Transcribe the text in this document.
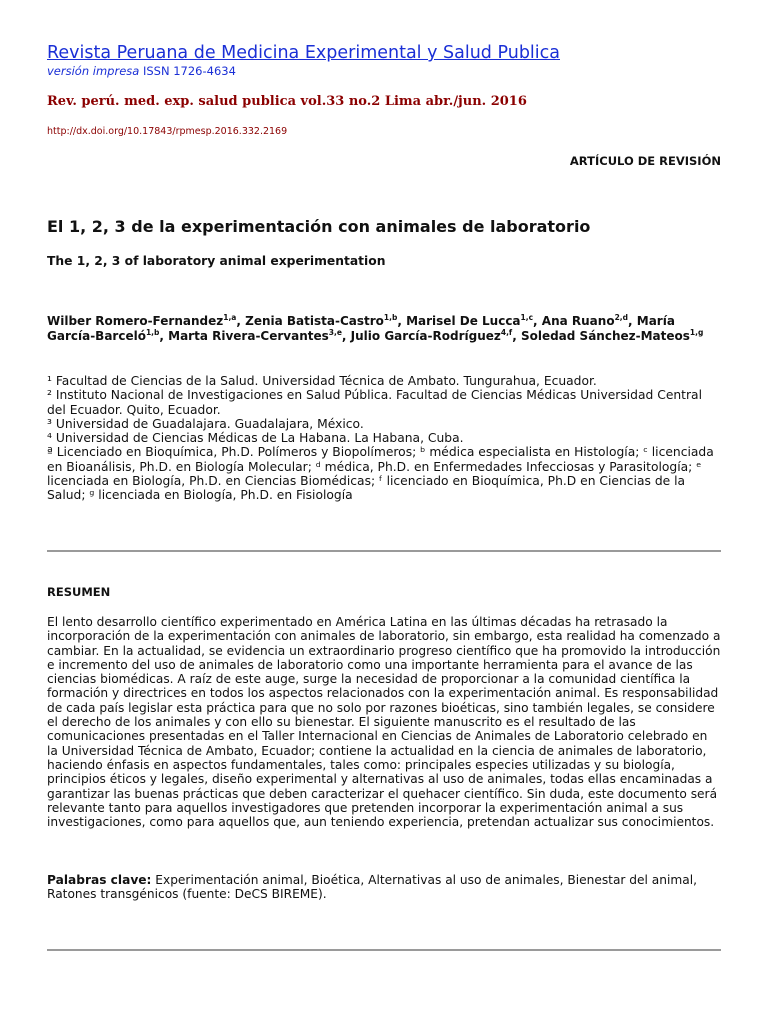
Revista Peruana de Medicina Experimental y Salud Publica
versión impresa ISSN 1726-4634
Rev. perú. med. exp. salud publica vol.33 no.2 Lima abr./jun. 2016
http://dx.doi.org/10.17843/rpmesp.2016.332.2169
ARTÍCULO DE REVISIÓN
El 1, 2, 3 de la experimentación con animales de laboratorio
The 1, 2, 3 of laboratory animal experimentation
Wilber Romero-Fernandez$^{1,a}$, Zenia Batista-Castro$^{1,b}$, Marisel De Lucca$^{1,c}$, Ana Ruano$^{2,d}$, María García-Barceló$^{1,b}$, Marta Rivera-Cervantes$^{3,e}$, Julio García-Rodríguez$^{4,f}$, Soledad Sánchez-Mateos$^{1,g}$
¹ Facultad de Ciencias de la Salud. Universidad Técnica de Ambato. Tungurahua, Ecuador.
² Instituto Nacional de Investigaciones en Salud Pública. Facultad de Ciencias Médicas Universidad Central del Ecuador. Quito, Ecuador.
³ Universidad de Guadalajara. Guadalajara, México.
⁴ Universidad de Ciencias Médicas de La Habana. La Habana, Cuba.
ª Licenciado en Bioquímica, Ph.D. Polímeros y Biopolímeros; ᵇ médica especialista en Histología; ᶜ licenciada en Bioanálisis, Ph.D. en Biología Molecular; ᵈ médica, Ph.D. en Enfermedades Infecciosas y Parasitología; ᵉ licenciada en Biología, Ph.D. en Ciencias Biomédicas; ᶠ licenciado en Bioquímica, Ph.D en Ciencias de la Salud; ᵍ licenciada en Biología, Ph.D. en Fisiología
RESUMEN
El lento desarrollo científico experimentado en América Latina en las últimas décadas ha retrasado la incorporación de la experimentación con animales de laboratorio, sin embargo, esta realidad ha comenzado a cambiar. En la actualidad, se evidencia un extraordinario progreso científico que ha promovido la introducción e incremento del uso de animales de laboratorio como una importante herramienta para el avance de las ciencias biomédicas. A raíz de este auge, surge la necesidad de proporcionar a la comunidad científica la formación y directrices en todos los aspectos relacionados con la experimentación animal. Es responsabilidad de cada país legislar esta práctica para que no solo por razones bioéticas, sino también legales, se considere el derecho de los animales y con ello su bienestar. El siguiente manuscrito es el resultado de las comunicaciones presentadas en el Taller Internacional en Ciencias de Animales de Laboratorio celebrado en la Universidad Técnica de Ambato, Ecuador; contiene la actualidad en la ciencia de animales de laboratorio, haciendo énfasis en aspectos fundamentales, tales como: principales especies utilizadas y su biología, principios éticos y legales, diseño experimental y alternativas al uso de animales, todas ellas encaminadas a garantizar las buenas prácticas que deben caracterizar el quehacer científico. Sin duda, este documento será relevante tanto para aquellos investigadores que pretenden incorporar la experimentación animal a sus investigaciones, como para aquellos que, aun teniendo experiencia, pretendan actualizar sus conocimientos.
Palabras clave: Experimentación animal, Bioética, Alternativas al uso de animales, Bienestar del animal, Ratones transgénicos (fuente: DeCS BIREME).
